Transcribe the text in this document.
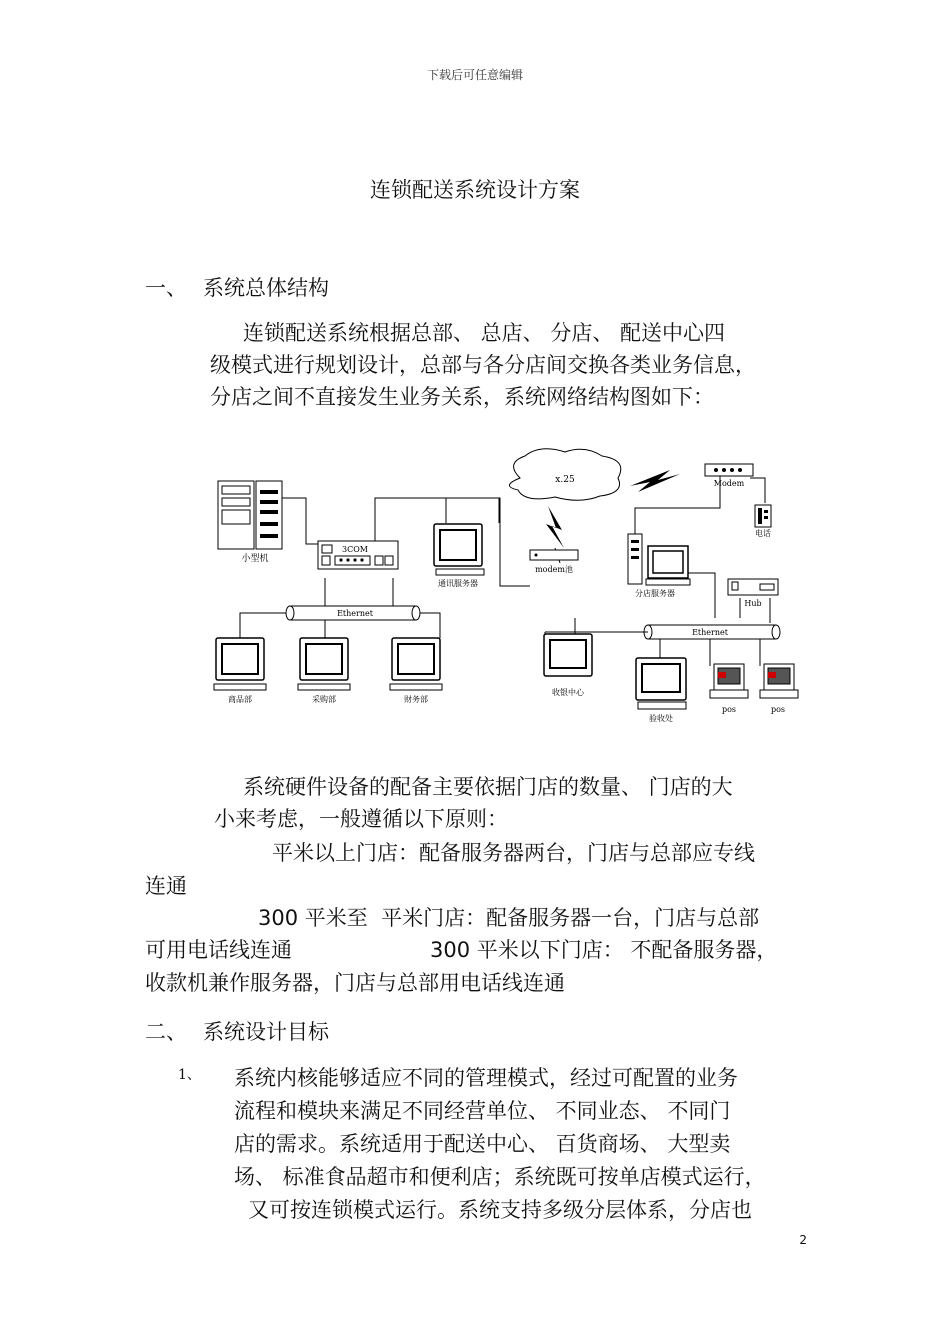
下载后可任意编辑
连锁配送系统设计方案
一、 系统总体结构
连锁配送系统根据总部、 总店、 分店、 配送中心四
级模式进行规划设计，总部与各分店间交换各类业务信息，
分店之间不直接发生业务关系，系统网络结构图如下：
x.25
小型机
3COM
通讯服务器
modem池
Modem
电话
分店服务器
Hub
Ethernet
Ethernet
商品部	采购部	财务部
收银中心
验收处
pos	pos
系统硬件设备的配备主要依据门店的数量、 门店的大
小来考虑，一般遵循以下原则：
平米以上门店：配备服务器两台，门店与总部应专线
连通
300 平米至  平米门店：配备服务器一台，门店与总部
可用电话线连通	300 平米以下门店： 不配备服务器，
收款机兼作服务器，门店与总部用电话线连通
二、 系统设计目标
1、 系统内核能够适应不同的管理模式，经过可配置的业务
流程和模块来满足不同经营单位、 不同业态、 不同门
店的需求。系统适用于配送中心、 百货商场、 大型卖
场、 标准食品超市和便利店；系统既可按单店模式运行，
又可按连锁模式运行。系统支持多级分层体系，分店也
2
